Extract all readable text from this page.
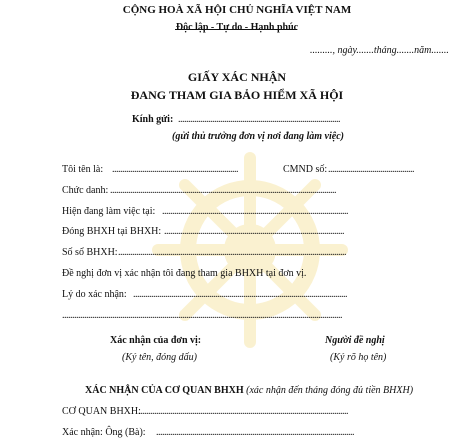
CỘNG HOÀ XÃ HỘI CHỦ NGHĨA VIỆT NAM
Độc lập - Tự do - Hạnh phúc
........., ngày.......tháng.......năm.......
GIẤY XÁC NHẬN
ĐANG THAM GIA BẢO HIỂM XÃ HỘI
Kính gửi: .................................................................................
(gửi thủ trưởng đơn vị nơi đang làm việc)
Tôi tên là: ...............................................................	CMND số: ...........................................
Chức danh: .................................................................................................................
Hiện đang làm việc tại: .............................................................................................
Đóng BHXH tại BHXH: ..........................................................................................
Số sổ BHXH: ..................................................................................................................
Đề nghị đơn vị xác nhận tôi đang tham gia BHXH tại đơn vị.
Lý do xác nhận: ...........................................................................................................
............................................................................................................................................
Xác nhận của đơn vị:
(Ký tên, đóng dấu)
Người đề nghị
(Ký rõ họ tên)
XÁC NHẬN CỦA CƠ QUAN BHXH (xác nhận đến tháng đóng đủ tiền BHXH)
CƠ QUAN BHXH:
.........................................................................................................
Xác nhận: Ông (Bà): ...................................................................................................
